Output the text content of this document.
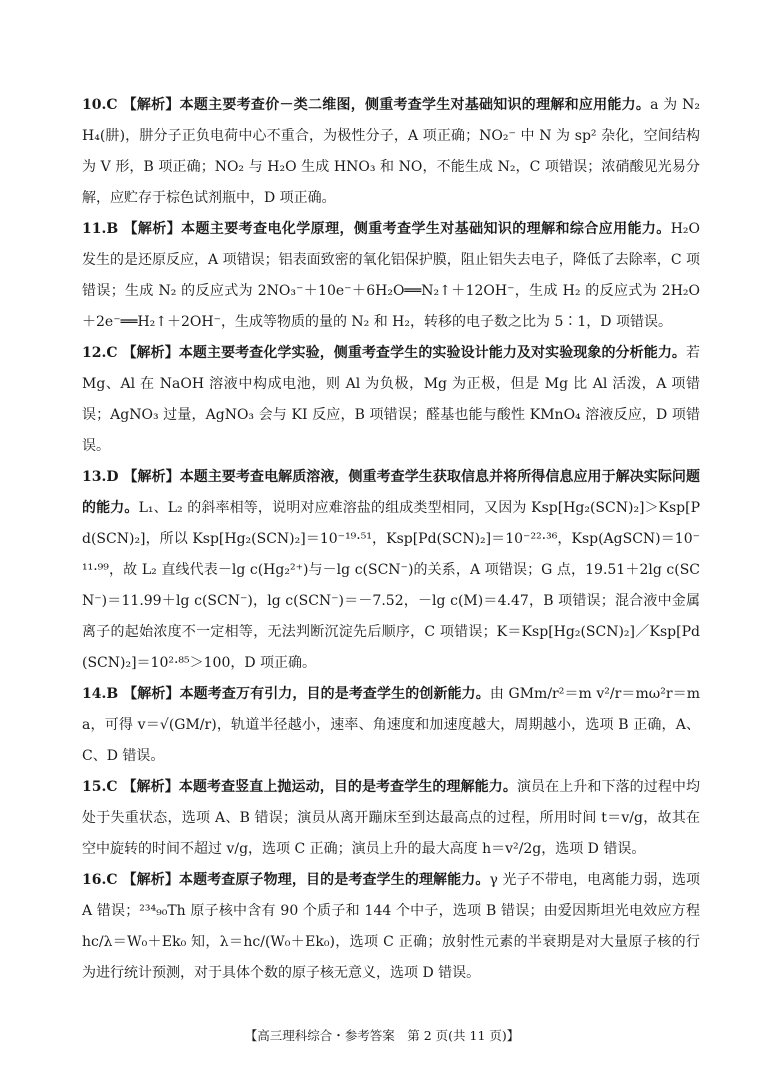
10.C 【解析】本题主要考查价－类二维图，侧重考查学生对基础知识的理解和应用能力。a 为 N₂H₄(肼)，肼分子正负电荷中心不重合，为极性分子，A 项正确；NO₂⁻ 中 N 为 sp² 杂化，空间结构为 V 形，B 项正确；NO₂ 与 H₂O 生成 HNO₃ 和 NO，不能生成 N₂，C 项错误；浓硝酸见光易分解，应贮存于棕色试剂瓶中，D 项正确。

11.B 【解析】本题主要考查电化学原理，侧重考查学生对基础知识的理解和综合应用能力。H₂O 发生的是还原反应，A 项错误；铝表面致密的氧化铝保护膜，阻止铝失去电子，降低了去除率，C 项错误；生成 N₂ 的反应式为 2NO₃⁻＋10e⁻＋6H₂O══N₂↑＋12OH⁻，生成 H₂ 的反应式为 2H₂O＋2e⁻══H₂↑＋2OH⁻，生成等物质的量的 N₂ 和 H₂，转移的电子数之比为 5∶1，D 项错误。

12.C 【解析】本题主要考查化学实验，侧重考查学生的实验设计能力及对实验现象的分析能力。若 Mg、Al 在 NaOH 溶液中构成电池，则 Al 为负极，Mg 为正极，但是 Mg 比 Al 活泼，A 项错误；AgNO₃ 过量，AgNO₃ 会与 KI 反应，B 项错误；醛基也能与酸性 KMnO₄ 溶液反应，D 项错误。

13.D 【解析】本题主要考查电解质溶液，侧重考查学生获取信息并将所得信息应用于解决实际问题的能力。L₁、L₂ 的斜率相等，说明对应难溶盐的组成类型相同，又因为 Ksp[Hg₂(SCN)₂]＞Ksp[Pd(SCN)₂]，所以 Ksp[Hg₂(SCN)₂]＝10⁻¹⁹·⁵¹，Ksp[Pd(SCN)₂]＝10⁻²²·³⁶，Ksp(AgSCN)＝10⁻¹¹·⁹⁹，故 L₂ 直线代表－lg c(Hg₂²⁺)与－lg c(SCN⁻)的关系，A 项错误；G 点，19.51＋2lg c(SCN⁻)＝11.99＋lg c(SCN⁻)，lg c(SCN⁻)＝－7.52，－lg c(M)＝4.47，B 项错误；混合液中金属离子的起始浓度不一定相等，无法判断沉淀先后顺序，C 项错误；K＝Ksp[Hg₂(SCN)₂]／Ksp[Pd(SCN)₂]＝10²·⁸⁵＞100，D 项正确。

14.B 【解析】本题考查万有引力，目的是考查学生的创新能力。由 GMm/r²＝m v²/r＝mω²r＝ma，可得 v＝√(GM/r)，轨道半径越小，速率、角速度和加速度越大，周期越小，选项 B 正确，A、C、D 错误。

15.C 【解析】本题考查竖直上抛运动，目的是考查学生的理解能力。演员在上升和下落的过程中均处于失重状态，选项 A、B 错误；演员从离开蹦床至到达最高点的过程，所用时间 t＝v/g，故其在空中旋转的时间不超过 v/g，选项 C 正确；演员上升的最大高度 h＝v²/2g，选项 D 错误。

16.C 【解析】本题考查原子物理，目的是考查学生的理解能力。γ 光子不带电，电离能力弱，选项 A 错误；²³⁴₉₀Th 原子核中含有 90 个质子和 144 个中子，选项 B 错误；由爱因斯坦光电效应方程 hc/λ＝W₀＋Ek₀ 知，λ＝hc/(W₀＋Ek₀)，选项 C 正确；放射性元素的半衰期是对大量原子核的行为进行统计预测，对于具体个数的原子核无意义，选项 D 错误。

【高三理科综合・参考答案　第 2 页(共 11 页)】
